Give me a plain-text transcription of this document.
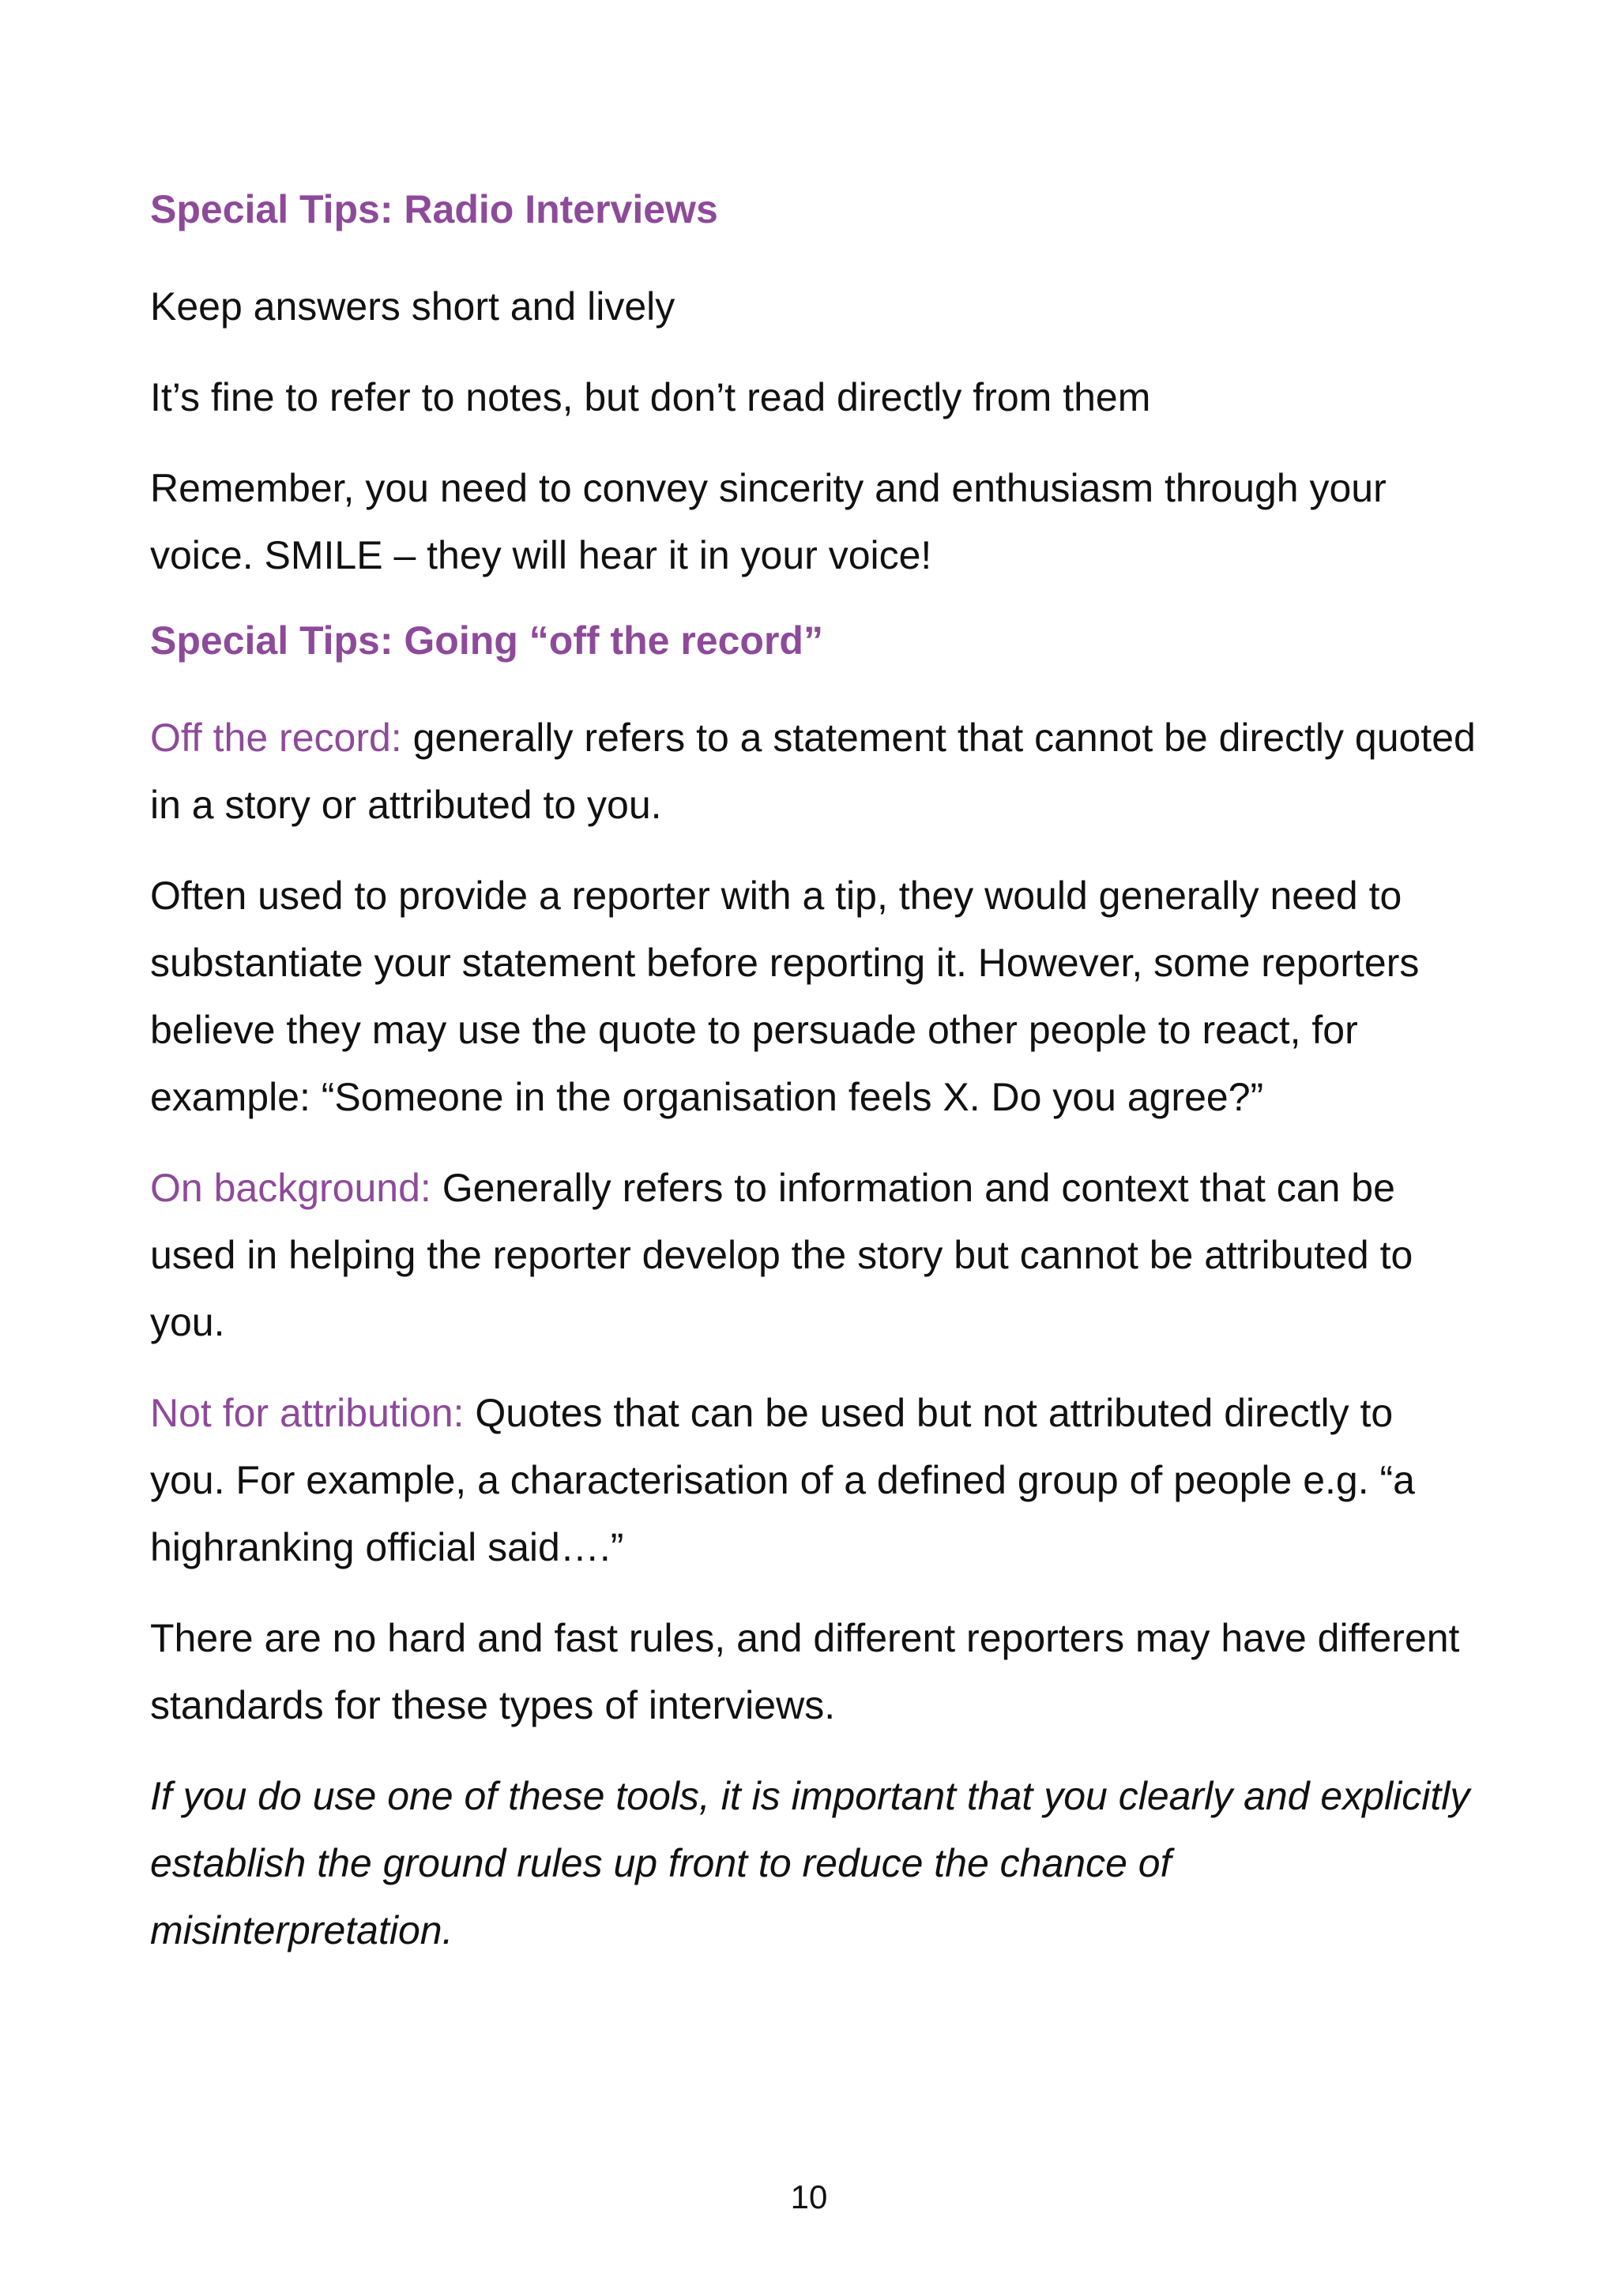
Special Tips: Radio Interviews

Keep answers short and lively

It’s fine to refer to notes, but don’t read directly from them

Remember, you need to convey sincerity and enthusiasm through your voice. SMILE – they will hear it in your voice!

Special Tips: Going “off the record”

Off the record: generally refers to a statement that cannot be directly quoted in a story or attributed to you.

Often used to provide a reporter with a tip, they would generally need to substantiate your statement before reporting it. However, some reporters believe they may use the quote to persuade other people to react, for example: “Someone in the organisation feels X. Do you agree?”

On background: Generally refers to information and context that can be used in helping the reporter develop the story but cannot be attributed to you.

Not for attribution: Quotes that can be used but not attributed directly to you. For example, a characterisation of a defined group of people e.g. “a highranking official said….”

There are no hard and fast rules, and different reporters may have different standards for these types of interviews.

If you do use one of these tools, it is important that you clearly and explicitly establish the ground rules up front to reduce the chance of misinterpretation.

10
